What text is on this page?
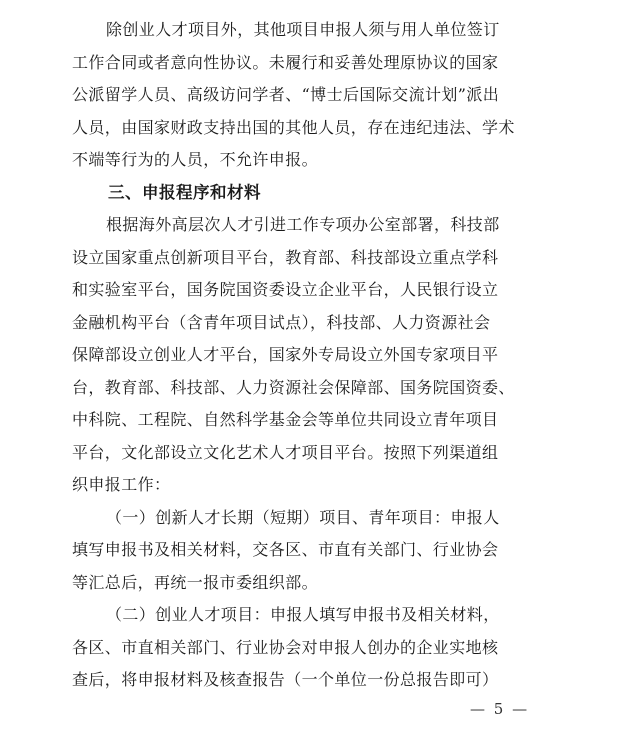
除创业人才项目外，其他项目申报人须与用人单位签订
工作合同或者意向性协议。未履行和妥善处理原协议的国家
公派留学人员、高级访问学者、“博士后国际交流计划”派出
人员，由国家财政支持出国的其他人员，存在违纪违法、学术
不端等行为的人员，不允许申报。

三、申报程序和材料

根据海外高层次人才引进工作专项办公室部署，科技部
设立国家重点创新项目平台，教育部、科技部设立重点学科
和实验室平台，国务院国资委设立企业平台，人民银行设立
金融机构平台（含青年项目试点），科技部、人力资源社会
保障部设立创业人才平台，国家外专局设立外国专家项目平
台，教育部、科技部、人力资源社会保障部、国务院国资委、
中科院、工程院、自然科学基金会等单位共同设立青年项目
平台，文化部设立文化艺术人才项目平台。按照下列渠道组
织申报工作：

（一）创新人才长期（短期）项目、青年项目：申报人
填写申报书及相关材料，交各区、市直有关部门、行业协会
等汇总后，再统一报市委组织部。

（二）创业人才项目：申报人填写申报书及相关材料，
各区、市直相关部门、行业协会对申报人创办的企业实地核
查后，将申报材料及核查报告（一个单位一份总报告即可）

— 5 —
